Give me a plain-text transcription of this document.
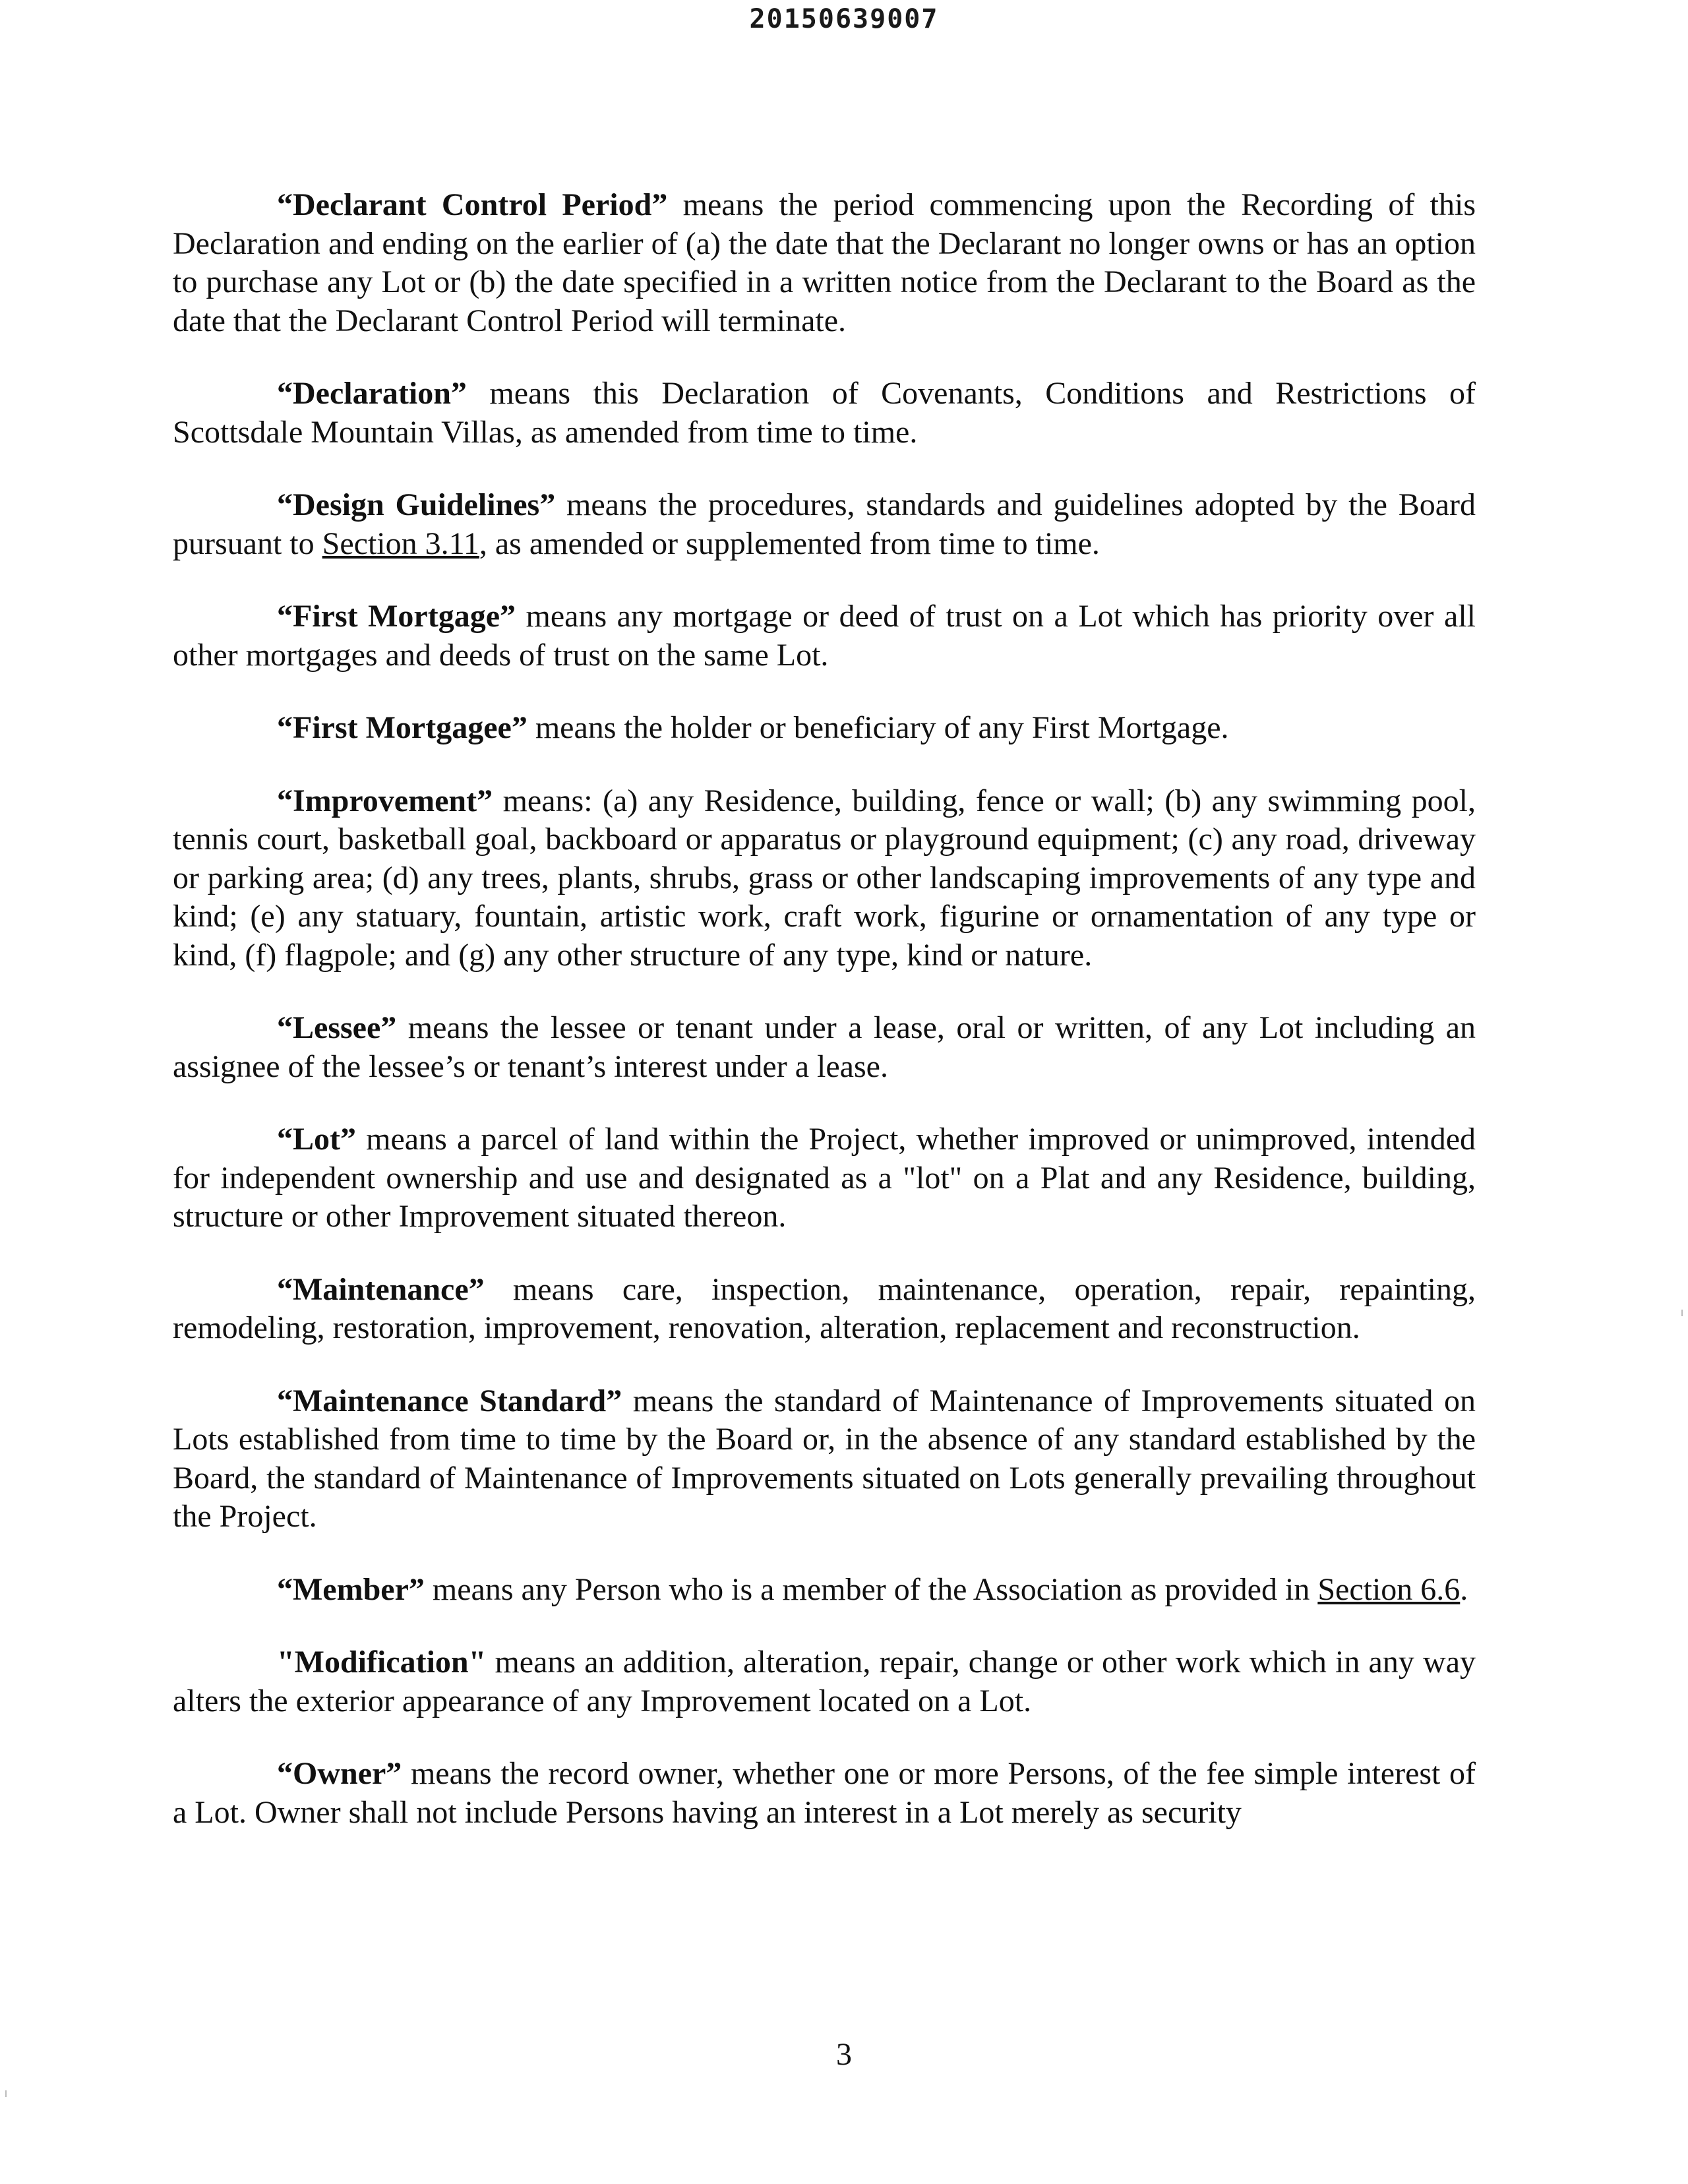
20150639007

“Declarant Control Period” means the period commencing upon the Recording of this Declaration and ending on the earlier of (a) the date that the Declarant no longer owns or has an option to purchase any Lot or (b) the date specified in a written notice from the Declarant to the Board as the date that the Declarant Control Period will terminate.

“Declaration” means this Declaration of Covenants, Conditions and Restrictions of Scottsdale Mountain Villas, as amended from time to time.

“Design Guidelines” means the procedures, standards and guidelines adopted by the Board pursuant to Section 3.11, as amended or supplemented from time to time.

“First Mortgage” means any mortgage or deed of trust on a Lot which has priority over all other mortgages and deeds of trust on the same Lot.

“First Mortgagee” means the holder or beneficiary of any First Mortgage.

“Improvement” means: (a) any Residence, building, fence or wall; (b) any swimming pool, tennis court, basketball goal, backboard or apparatus or playground equipment; (c) any road, driveway or parking area; (d) any trees, plants, shrubs, grass or other landscaping improvements of any type and kind; (e) any statuary, fountain, artistic work, craft work, figurine or ornamentation of any type or kind, (f) flagpole; and (g) any other structure of any type, kind or nature.

“Lessee” means the lessee or tenant under a lease, oral or written, of any Lot including an assignee of the lessee’s or tenant’s interest under a lease.

“Lot” means a parcel of land within the Project, whether improved or unimproved, intended for independent ownership and use and designated as a "lot" on a Plat and any Residence, building, structure or other Improvement situated thereon.

“Maintenance” means care, inspection, maintenance, operation, repair, repainting, remodeling, restoration, improvement, renovation, alteration, replacement and reconstruction.

“Maintenance Standard” means the standard of Maintenance of Improvements situated on Lots established from time to time by the Board or, in the absence of any standard established by the Board, the standard of Maintenance of Improvements situated on Lots generally prevailing throughout the Project.

“Member” means any Person who is a member of the Association as provided in Section 6.6.

"Modification" means an addition, alteration, repair, change or other work which in any way alters the exterior appearance of any Improvement located on a Lot.

“Owner” means the record owner, whether one or more Persons, of the fee simple interest of a Lot. Owner shall not include Persons having an interest in a Lot merely as security

3
